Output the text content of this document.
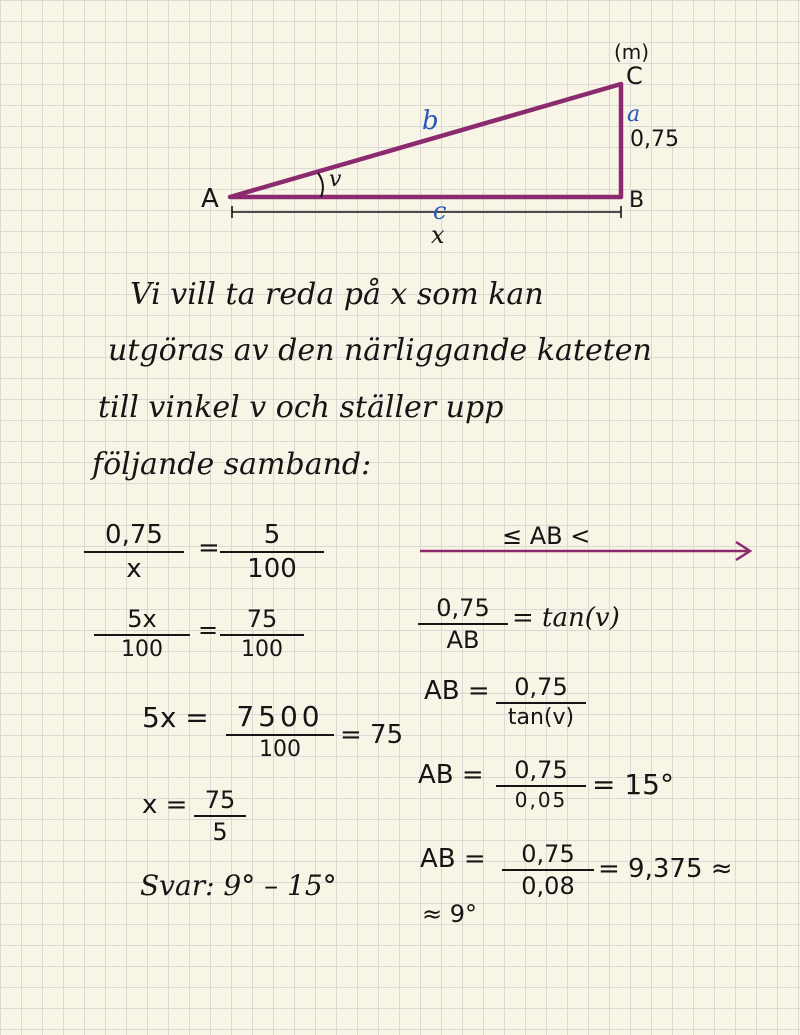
(m)
C
a
0,75
b
v
A	B
c
x
Vi vill ta reda på x som kan
utgöras av den närliggande kateten
till vinkel v och ställer upp
följande samband:
0,75
x
= 5
100
5x
100
= 75
100
5x = 7500
100 = 75
x = 75
5
Svar: 9° – 15°
≤ AB <
0,75
AB
= tan(v)
AB = 0,75
tan(v)
AB = 0,75
0,05 = 15°
AB = 0,75
0,08
= 9,375 ≈
≈ 9°
